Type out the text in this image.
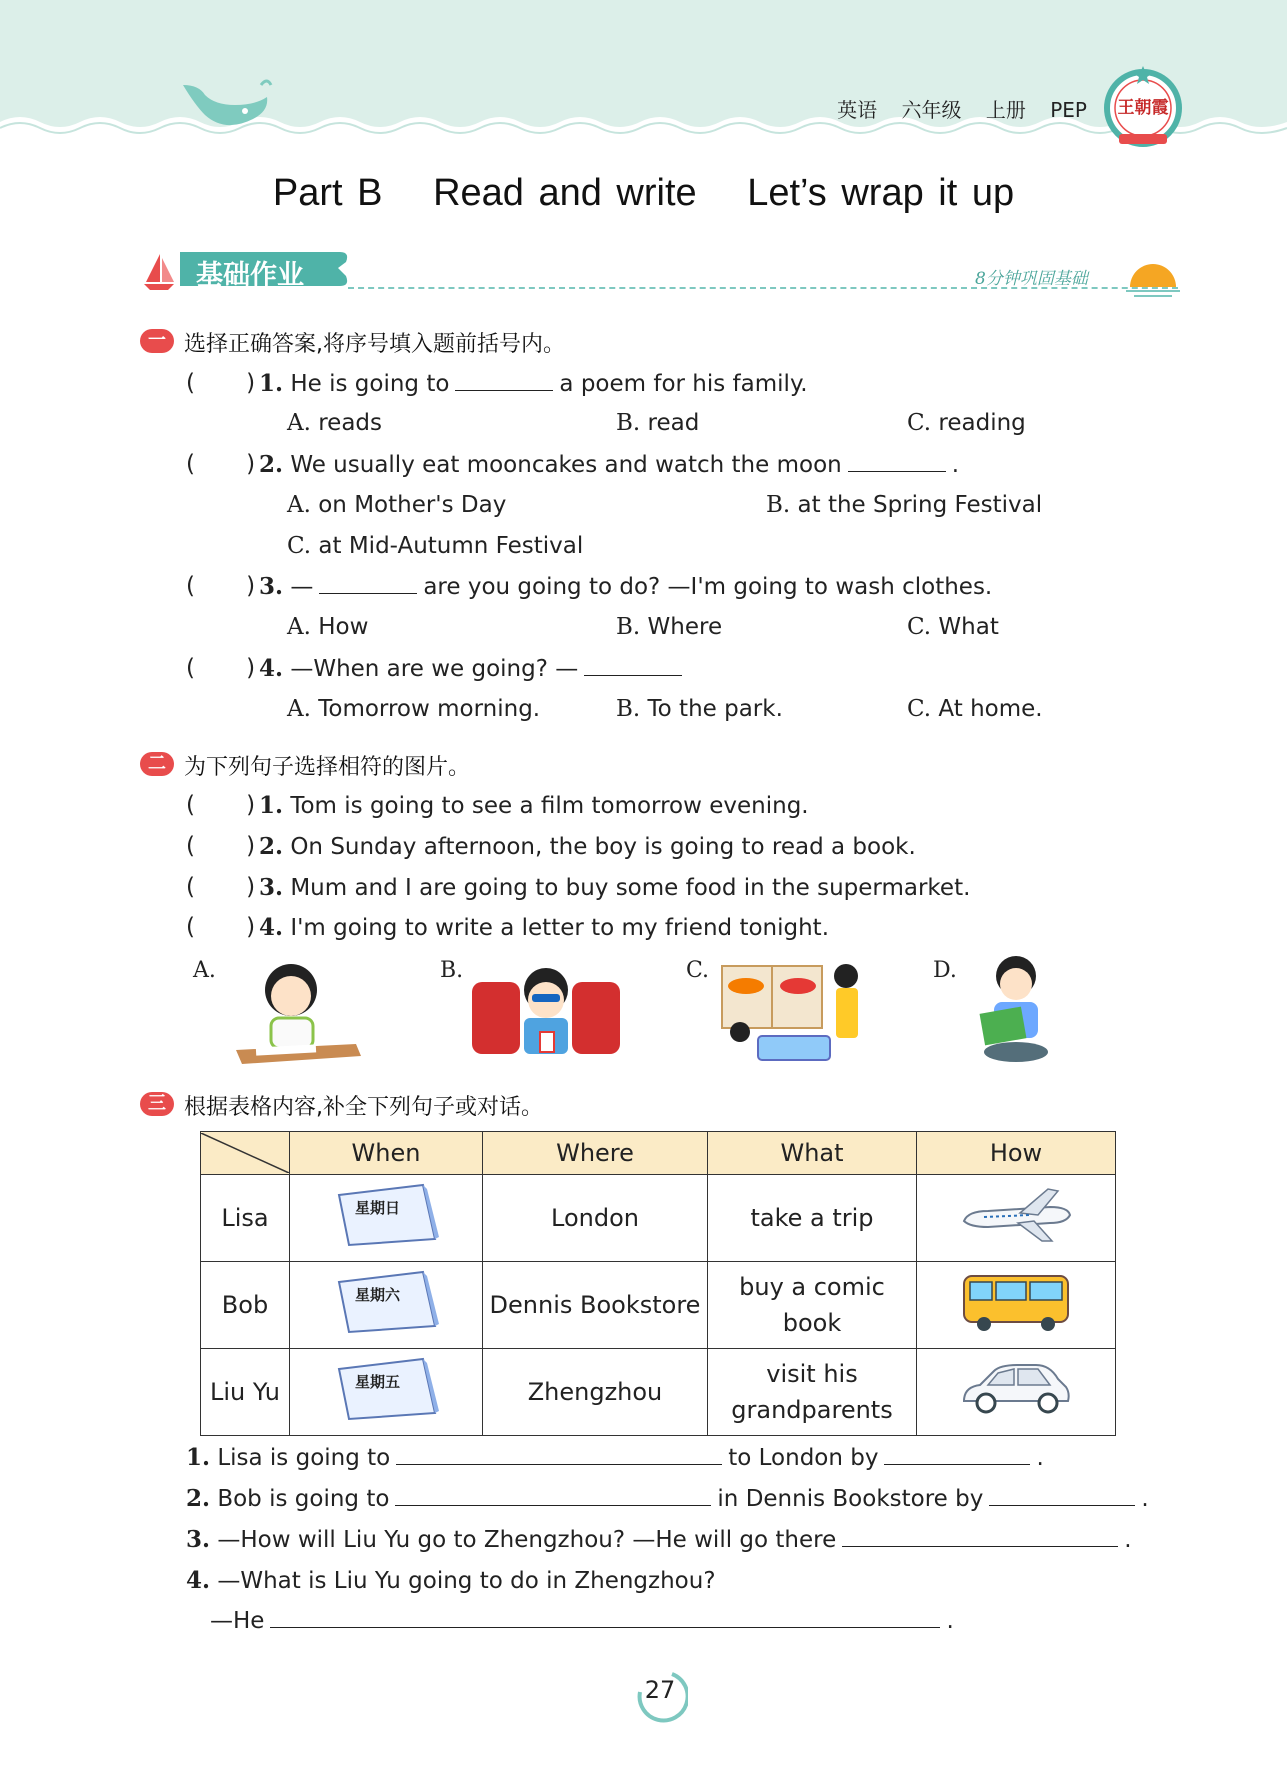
英语 六年级 上册 PEP 王朝霞
Part B Read and write Let’s wrap it up
基础作业	8分钟巩固基础
一 选择正确答案,将序号填入题前括号内。
(       ) 1. He is going to	a poem for his family.
A. reads	B. read	C. reading
(       ) 2. We usually eat mooncakes and watch the moon	.
A. on Mother's Day	B. at the Spring Festival
C. at Mid-Autumn Festival
(       ) 3. —	are you going to do? —I'm going to wash clothes.
A. How	B. Where	C. What
(       ) 4. —When are we going? —
A. Tomorrow morning.	B. To the park.	C. At home.
二 为下列句子选择相符的图片。
(       ) 1. Tom is going to see a film tomorrow evening.
(       ) 2. On Sunday afternoon, the boy is going to read a book.
(       ) 3. Mum and I are going to buy some food in the supermarket.
(       ) 4. I'm going to write a letter to my friend tonight.
A.	B.	C.	D.
三 根据表格内容,补全下列句子或对话。
	When	Where	What	How
Lisa	星期日	London	take a trip	
Bob	星期六	Dennis Bookstore	buy a comic book	
Liu Yu	星期五	Zhengzhou	visit his grandparents	
1. Lisa is going to	to London by	.
2. Bob is going to	in Dennis Bookstore by	.
3. —How will Liu Yu go to Zhengzhou? —He will go there	.
4. —What is Liu Yu going to do in Zhengzhou?
—He	.
27
